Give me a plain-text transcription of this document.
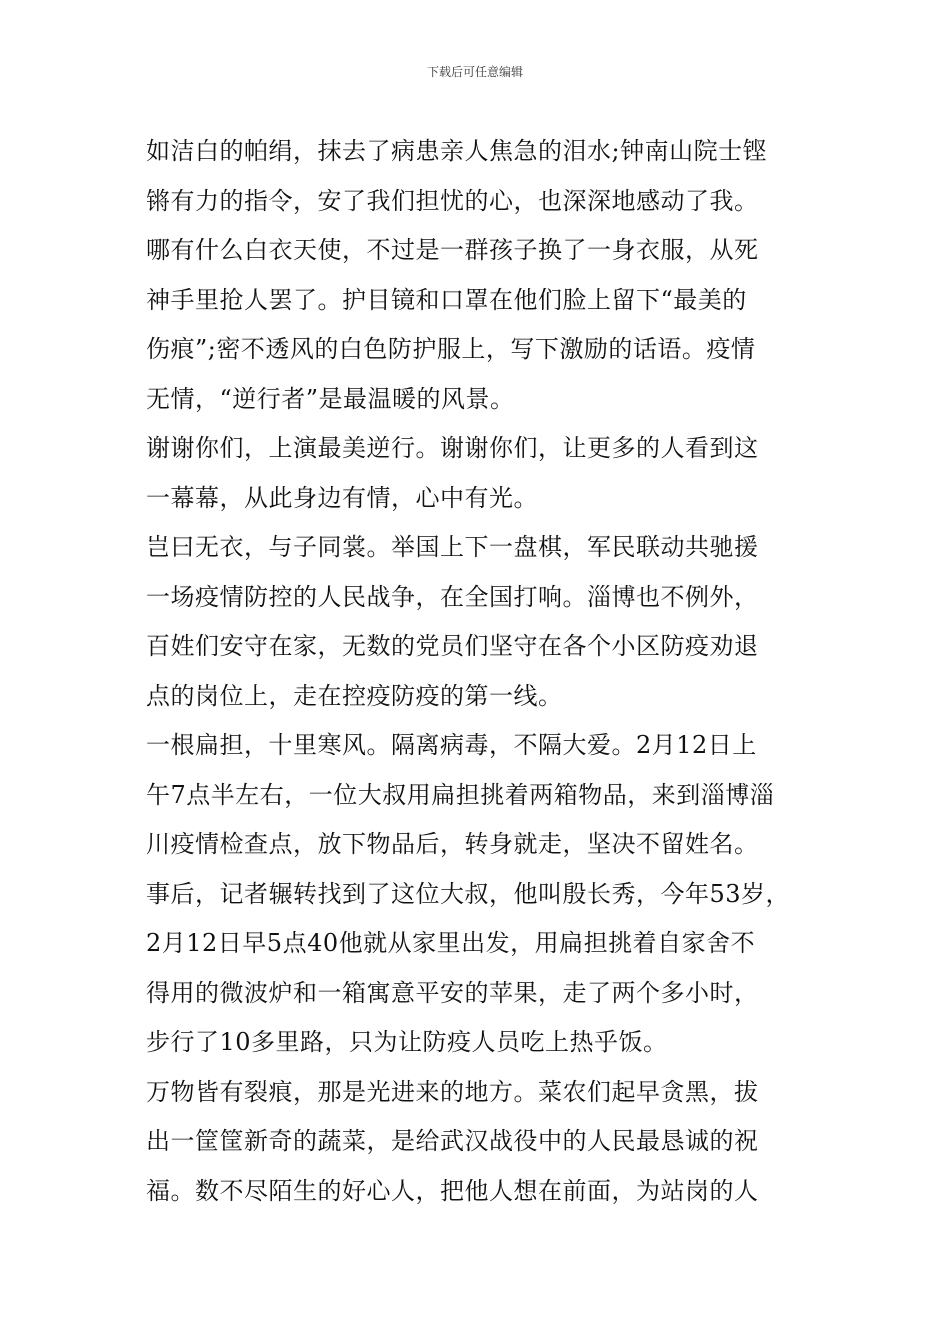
下载后可任意编辑
如洁白的帕绢，抹去了病患亲人焦急的泪水;钟南山院士铿
锵有力的指令，安了我们担忧的心，也深深地感动了我。
哪有什么白衣天使，不过是一群孩子换了一身衣服，从死
神手里抢人罢了。护目镜和口罩在他们脸上留下“最美的
伤痕”;密不透风的白色防护服上，写下激励的话语。疫情
无情，“逆行者”是最温暖的风景。
谢谢你们，上演最美逆行。谢谢你们，让更多的人看到这
一幕幕，从此身边有情，心中有光。
岂曰无衣，与子同裳。举国上下一盘棋，军民联动共驰援
一场疫情防控的人民战争，在全国打响。淄博也不例外，
百姓们安守在家，无数的党员们坚守在各个小区防疫劝退
点的岗位上，走在控疫防疫的第一线。
一根扁担，十里寒风。隔离病毒，不隔大爱。2月12日上
午7点半左右，一位大叔用扁担挑着两箱物品，来到淄博淄
川疫情检查点，放下物品后，转身就走，坚决不留姓名。
事后，记者辗转找到了这位大叔，他叫殷长秀，今年53岁，
2月12日早5点40他就从家里出发，用扁担挑着自家舍不
得用的微波炉和一箱寓意平安的苹果，走了两个多小时，
步行了10多里路，只为让防疫人员吃上热乎饭。
万物皆有裂痕，那是光进来的地方。菜农们起早贪黑，拔
出一筐筐新奇的蔬菜，是给武汉战役中的人民最恳诚的祝
福。数不尽陌生的好心人，把他人想在前面，为站岗的人
